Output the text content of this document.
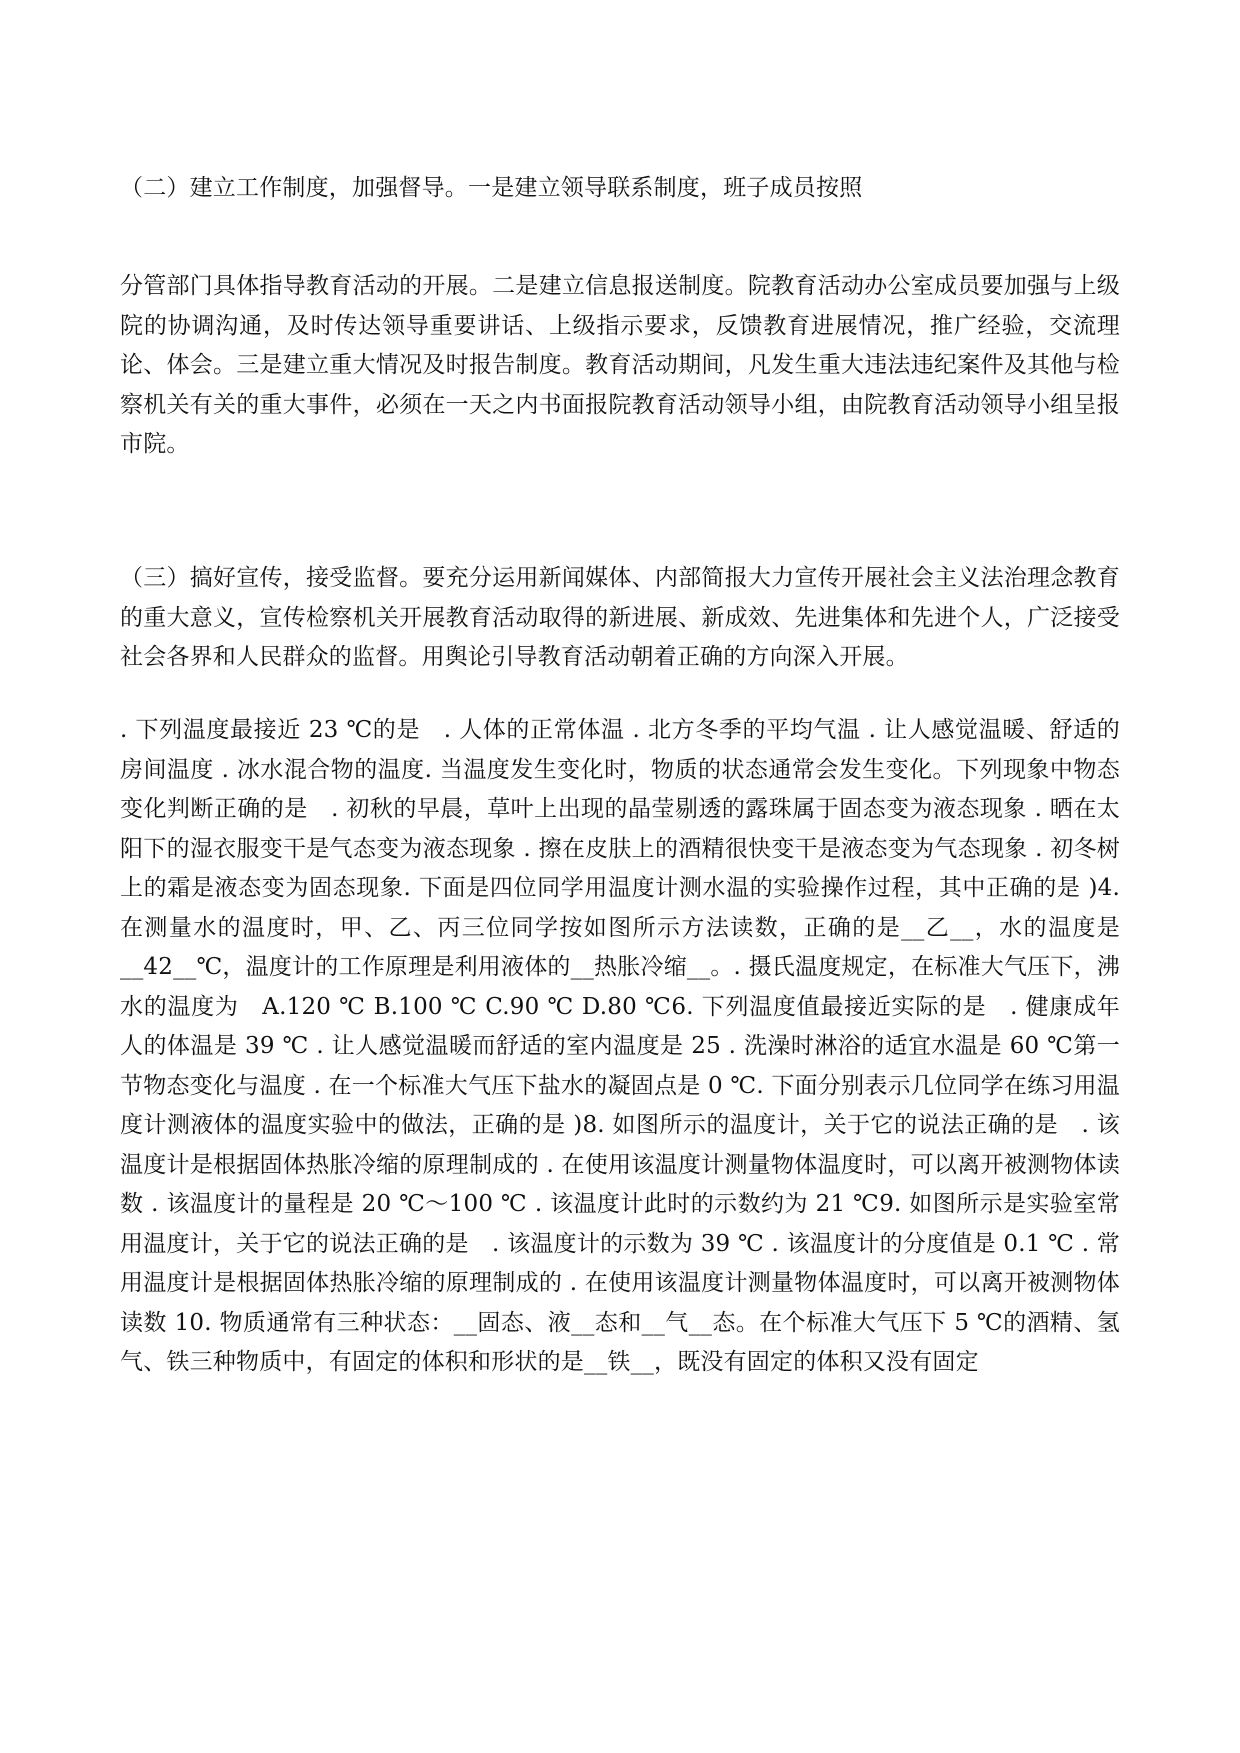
（二）建立工作制度，加强督导。一是建立领导联系制度，班子成员按照

分管部门具体指导教育活动的开展。二是建立信息报送制度。院教育活动办公室成员要加强与上级院的协调沟通，及时传达领导重要讲话、上级指示要求，反馈教育进展情况，推广经验，交流理论、体会。三是建立重大情况及时报告制度。教育活动期间，凡发生重大违法违纪案件及其他与检察机关有关的重大事件，必须在一天之内书面报院教育活动领导小组，由院教育活动领导小组呈报市院。

（三）搞好宣传，接受监督。要充分运用新闻媒体、内部简报大力宣传开展社会主义法治理念教育的重大意义，宣传检察机关开展教育活动取得的新进展、新成效、先进集体和先进个人，广泛接受社会各界和人民群众的监督。用舆论引导教育活动朝着正确的方向深入开展。

. 下列温度最接近 23 ℃的是　. 人体的正常体温 . 北方冬季的平均气温 . 让人感觉温暖、舒适的房间温度 . 冰水混合物的温度. 当温度发生变化时，物质的状态通常会发生变化。下列现象中物态变化判断正确的是　. 初秋的早晨，草叶上出现的晶莹剔透的露珠属于固态变为液态现象 . 晒在太阳下的湿衣服变干是气态变为液态现象 . 擦在皮肤上的酒精很快变干是液态变为气态现象 . 初冬树上的霜是液态变为固态现象. 下面是四位同学用温度计测水温的实验操作过程，其中正确的是 )4. 在测量水的温度时，甲、乙、丙三位同学按如图所示方法读数，正确的是__乙__，水的温度是__42__℃，温度计的工作原理是利用液体的__热胀冷缩__。. 摄氏温度规定，在标准大气压下，沸水的温度为　A.120 ℃ B.100 ℃ C.90 ℃ D.80 ℃6. 下列温度值最接近实际的是　. 健康成年人的体温是 39 ℃ . 让人感觉温暖而舒适的室内温度是 25 . 洗澡时淋浴的适宜水温是 60 ℃第一节物态变化与温度 . 在一个标准大气压下盐水的凝固点是 0 ℃. 下面分别表示几位同学在练习用温度计测液体的温度实验中的做法，正确的是 )8. 如图所示的温度计，关于它的说法正确的是　. 该温度计是根据固体热胀冷缩的原理制成的 . 在使用该温度计测量物体温度时，可以离开被测物体读数 . 该温度计的量程是 20 ℃～100 ℃ . 该温度计此时的示数约为 21 ℃9. 如图所示是实验室常用温度计，关于它的说法正确的是　. 该温度计的示数为 39 ℃ . 该温度计的分度值是 0.1 ℃ . 常用温度计是根据固体热胀冷缩的原理制成的 . 在使用该温度计测量物体温度时，可以离开被测物体读数 10. 物质通常有三种状态：__固态、液__态和__气__态。在个标准大气压下 5 ℃的酒精、氢气、铁三种物质中，有固定的体积和形状的是__铁__，既没有固定的体积又没有固定
